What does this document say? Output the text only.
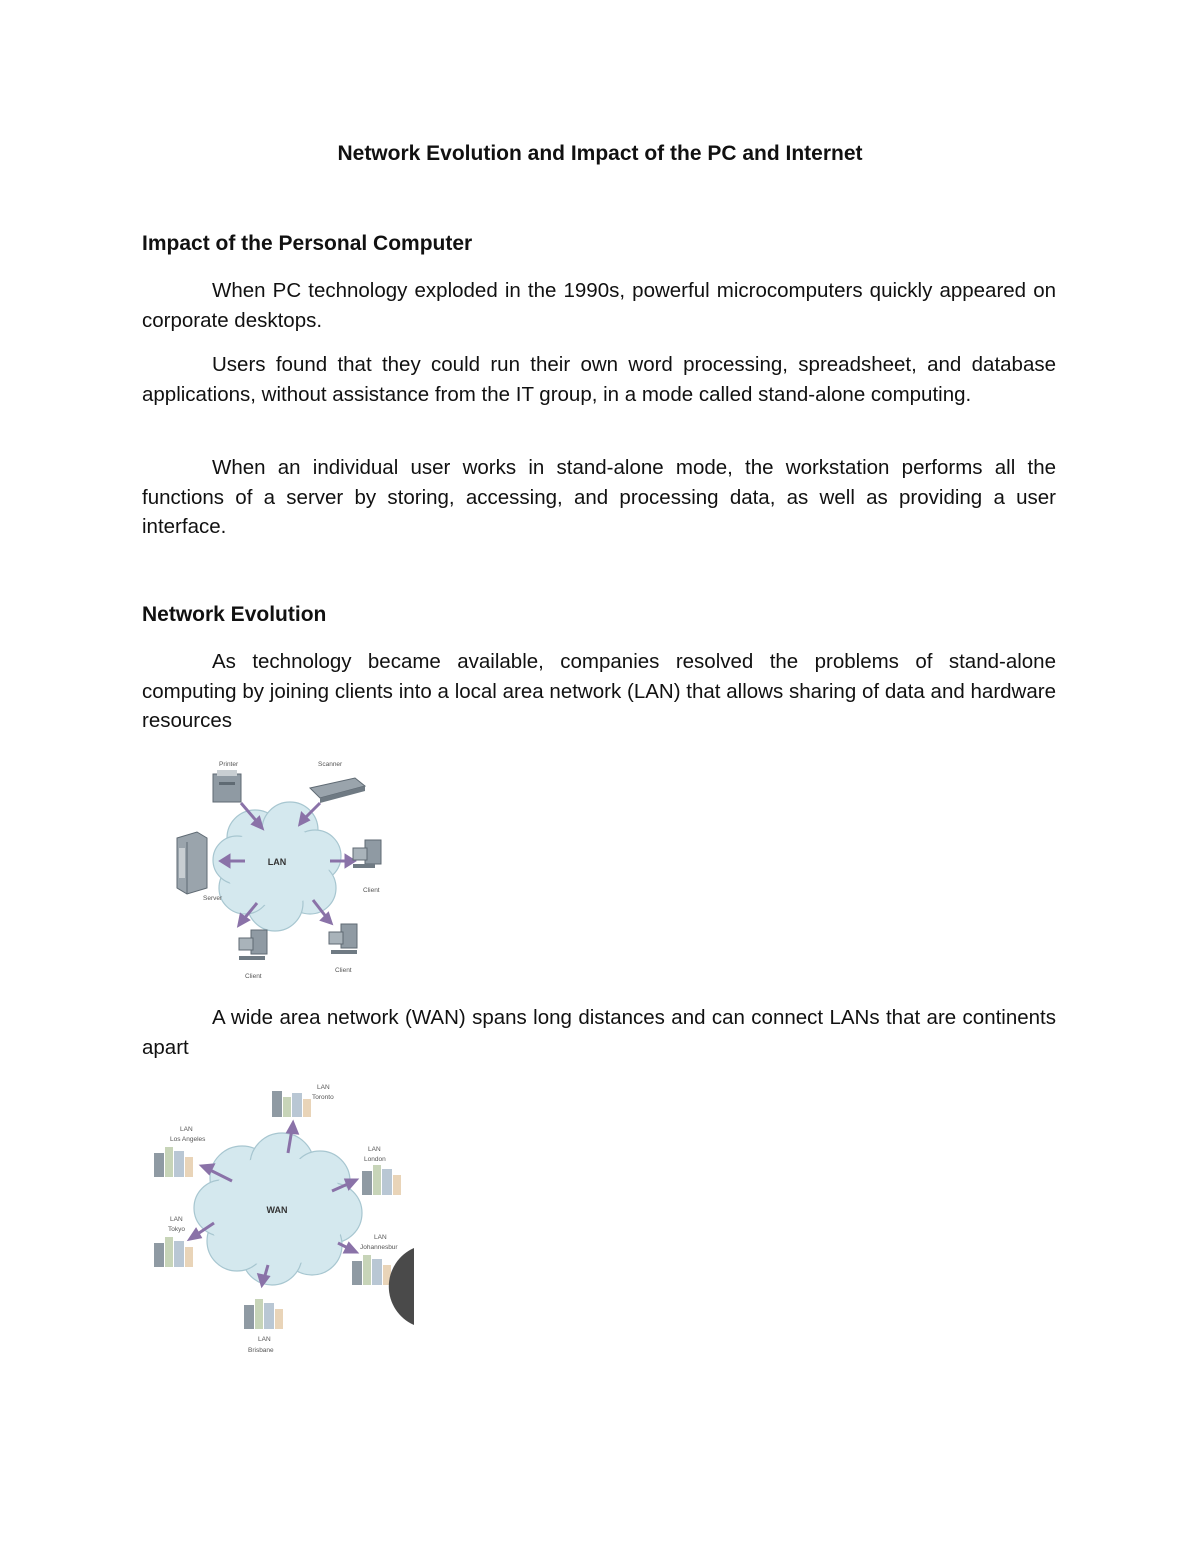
Network Evolution and Impact of the PC and Internet
Impact of the Personal Computer

When PC technology exploded in the 1990s, powerful microcomputers quickly appeared on corporate desktops.

Users found that they could run their own word processing, spreadsheet, and database applications, without assistance from the IT group, in a mode called stand-alone computing.

When an individual user works in stand-alone mode, the workstation performs all the functions of a server by storing, accessing, and processing data, as well as providing a user interface.

Network Evolution

As technology became available, companies resolved the problems of stand-alone computing by joining clients into a local area network (LAN) that allows sharing of data and hardware resources

LAN
Printer	Scanner
Server
Client
Client
Client

A wide area network (WAN) spans long distances and can connect LANs that are continents apart

WAN
LAN
Toronto
LAN
Los Angeles
LAN
London
LAN
Tokyo
LAN
Johannesbur
LAN
Brisbane
